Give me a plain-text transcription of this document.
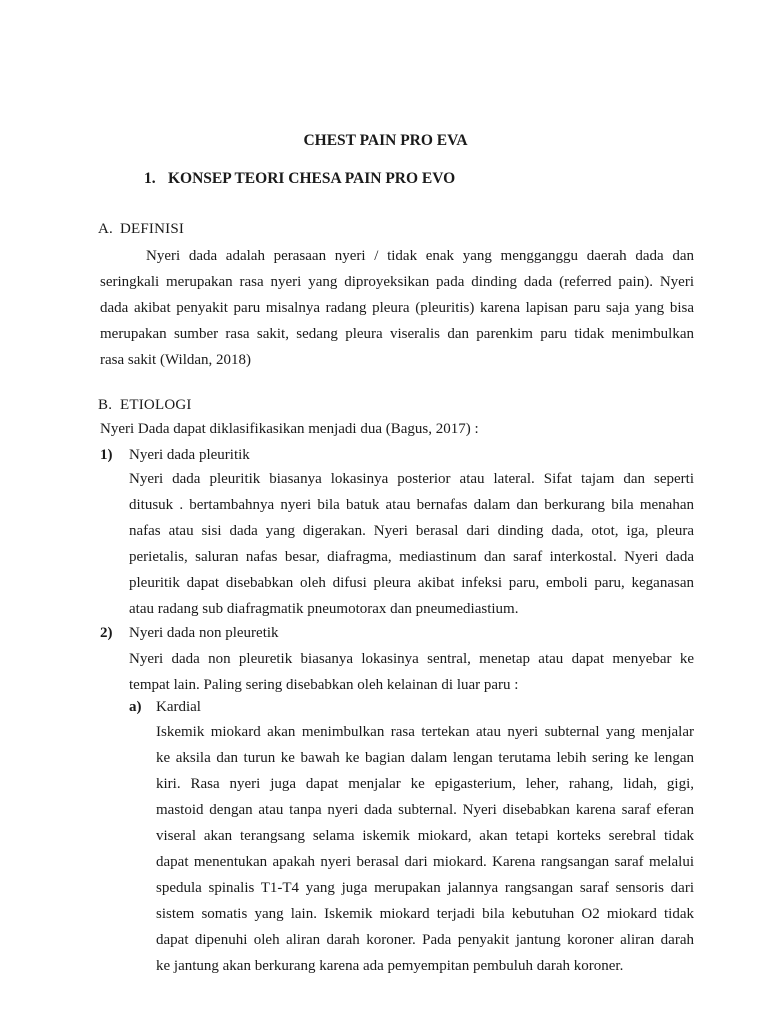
CHEST PAIN PRO EVA
1. KONSEP TEORI CHESA PAIN PRO EVO
A. DEFINISI
Nyeri dada adalah perasaan nyeri / tidak enak yang mengganggu daerah dada dan
seringkali merupakan rasa nyeri yang diproyeksikan pada dinding dada (referred pain). Nyeri
dada akibat penyakit paru misalnya radang pleura (pleuritis) karena lapisan paru saja yang bisa
merupakan sumber rasa sakit, sedang pleura viseralis dan parenkim paru tidak menimbulkan
rasa sakit (Wildan, 2018)
B. ETIOLOGI
Nyeri Dada dapat diklasifikasikan menjadi dua (Bagus, 2017) :
1) Nyeri dada pleuritik
Nyeri dada pleuritik biasanya lokasinya posterior atau lateral. Sifat tajam dan seperti
ditusuk . bertambahnya nyeri bila batuk atau bernafas dalam dan berkurang bila menahan
nafas atau sisi dada yang digerakan. Nyeri berasal dari dinding dada, otot, iga, pleura
perietalis, saluran nafas besar, diafragma, mediastinum dan saraf interkostal. Nyeri dada
pleuritik dapat disebabkan oleh difusi pleura akibat infeksi paru, emboli paru, keganasan
atau radang sub diafragmatik pneumotorax dan pneumediastium.
2) Nyeri dada non pleuretik
Nyeri dada non pleuretik biasanya lokasinya sentral, menetap atau dapat menyebar ke
tempat lain. Paling sering disebabkan oleh kelainan di luar paru :
a) Kardial
Iskemik miokard akan menimbulkan rasa tertekan atau nyeri subternal yang menjalar
ke aksila dan turun ke bawah ke bagian dalam lengan terutama lebih sering ke lengan
kiri. Rasa nyeri juga dapat menjalar ke epigasterium, leher, rahang, lidah, gigi,
mastoid dengan atau tanpa nyeri dada subternal. Nyeri disebabkan karena saraf eferan
viseral akan terangsang selama iskemik miokard, akan tetapi korteks serebral tidak
dapat menentukan apakah nyeri berasal dari miokard. Karena rangsangan saraf melalui
spedula spinalis T1-T4 yang juga merupakan jalannya rangsangan saraf sensoris dari
sistem somatis yang lain. Iskemik miokard terjadi bila kebutuhan O2 miokard tidak
dapat dipenuhi oleh aliran darah koroner. Pada penyakit jantung koroner aliran darah
ke jantung akan berkurang karena ada pemyempitan pembuluh darah koroner.
